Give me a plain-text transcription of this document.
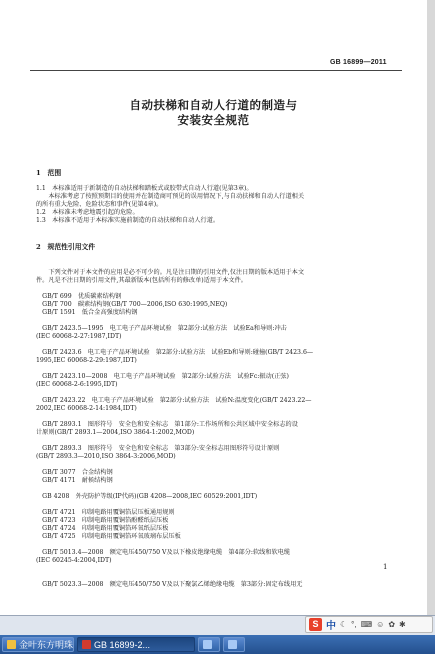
GB 16899—2011
自动扶梯和自动人行道的制造与
安装安全规范
1　范围
1.1　本标准适用于新制造的自动扶梯和踏板式或胶带式自动人行道(见第3章)。
　　本标准考虑了按照预期目的使用并在制造商可预见的误用情况下,与自动扶梯和自动人行道相关
的所有重大危险、危险状态和事件(见第4章)。
1.2　本标准未考虑地震引起的危险。
1.3　本标准不适用于本标准实施前制造的自动扶梯和自动人行道。
2　规范性引用文件
　　下列文件对于本文件的应用是必不可少的。凡是注日期的引用文件,仅注日期的版本适用于本文
件。凡是不注日期的引用文件,其最新版本(包括所有的修改单)适用于本文件。
　GB/T 699　优质碳素结构钢
　GB/T 700　碳素结构钢(GB/T 700—2006,ISO 630:1995,NEQ)
　GB/T 1591　低合金高强度结构钢
　GB/T 2423.5—1995　电工电子产品环境试验　第2部分:试验方法　试验Ea和导则:冲击
(IEC 60068-2-27:1987,IDT)
　GB/T 2423.6　电工电子产品环境试验　第2部分:试验方法　试验Eb和导则:碰撞(GB/T 2423.6—
1995,IEC 60068-2-29:1987,IDT)
　GB/T 2423.10—2008　电工电子产品环境试验　第2部分:试验方法　试验Fc:振动(正弦)
(IEC 60068-2-6:1995,IDT)
　GB/T 2423.22　电工电子产品环境试验　第2部分:试验方法　试验N:温度变化(GB/T 2423.22—
2002,IEC 60068-2-14:1984,IDT)
　GB/T 2893.1　图形符号　安全色和安全标志　第1部分:工作场所和公共区域中安全标志的设
计原则(GB/T 2893.1—2004,ISO 3864-1:2002,MOD)
　GB/T 2893.3　图形符号　安全色和安全标志　第3部分:安全标志用图形符号设计原则
(GB/T 2893.3—2010,ISO 3864-3:2006,MOD)
　GB/T 3077　合金结构钢
　GB/T 4171　耐候结构钢
　GB 4208　外壳防护等级(IP代码)(GB 4208—2008,IEC 60529:2001,IDT)
　GB/T 4721　印制电路用覆铜箔层压板通用规则
　GB/T 4723　印制电路用覆铜箔酚醛纸层压板
　GB/T 4724　印制电路用覆铜箔环氧纸层压板
　GB/T 4725　印制电路用覆铜箔环氧玻璃布层压板
　GB/T 5013.4—2008　额定电压450/750 V及以下橡皮绝缘电缆　第4部分:软线和软电缆
(IEC 60245-4:2004,IDT)
　GB/T 5023.3—2008　额定电压450/750 V及以下聚氯乙烯绝缘电缆　第3部分:固定布线用无
1
S 中 ☾ °, ⌨ ☺ ✿ ✱
金叶东方明珠 GB 16899-2...
